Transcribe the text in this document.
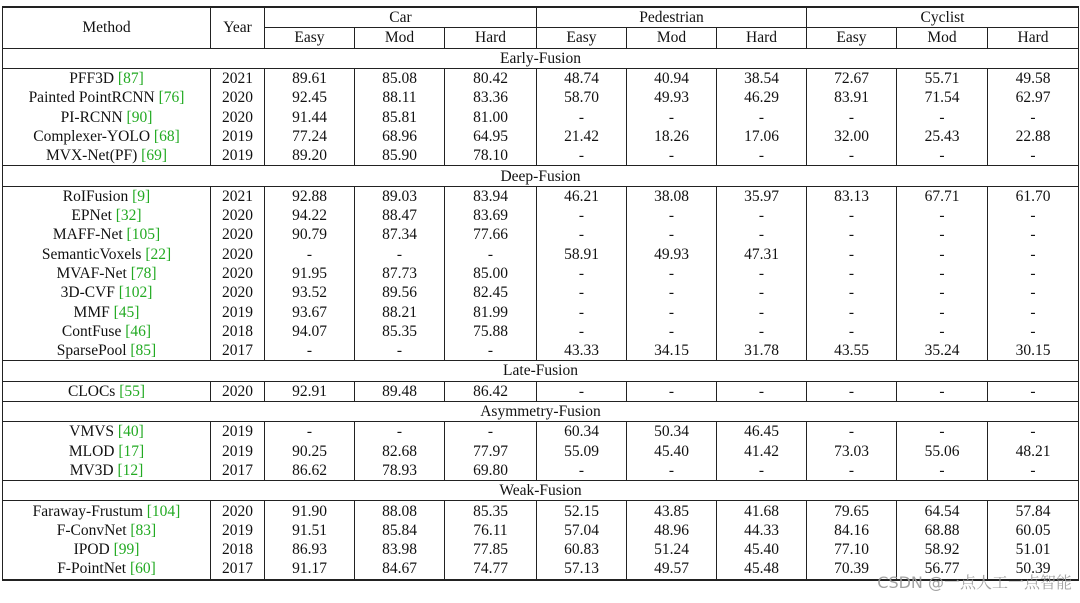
Method	Year	Car			Pedestrian			Cyclist		
		Easy	Mod	Hard	Easy	Mod	Hard	Easy	Mod	Hard
Early-Fusion										
PFF3D [87]	2021	89.61	85.08	80.42	48.74	40.94	38.54	72.67	55.71	49.58
Painted PointRCNN [76]	2020	92.45	88.11	83.36	58.70	49.93	46.29	83.91	71.54	62.97
PI-RCNN [90]	2020	91.44	85.81	81.00	-	-	-	-	-	-
Complexer-YOLO [68]	2019	77.24	68.96	64.95	21.42	18.26	17.06	32.00	25.43	22.88
MVX-Net(PF) [69]	2019	89.20	85.90	78.10	-	-	-	-	-	-
Deep-Fusion										
RoIFusion [9]	2021	92.88	89.03	83.94	46.21	38.08	35.97	83.13	67.71	61.70
EPNet [32]	2020	94.22	88.47	83.69	-	-	-	-	-	-
MAFF-Net [105]	2020	90.79	87.34	77.66	-	-	-	-	-	-
SemanticVoxels [22]	2020	-	-	-	58.91	49.93	47.31	-	-	-
MVAF-Net [78]	2020	91.95	87.73	85.00	-	-	-	-	-	-
3D-CVF [102]	2020	93.52	89.56	82.45	-	-	-	-	-	-
MMF [45]	2019	93.67	88.21	81.99	-	-	-	-	-	-
ContFuse [46]	2018	94.07	85.35	75.88	-	-	-	-	-	-
SparsePool [85]	2017	-	-	-	43.33	34.15	31.78	43.55	35.24	30.15
Late-Fusion										
CLOCs [55]	2020	92.91	89.48	86.42	-	-	-	-	-	-
Asymmetry-Fusion										
VMVS [40]	2019	-	-	-	60.34	50.34	46.45	-	-	-
MLOD [17]	2019	90.25	82.68	77.97	55.09	45.40	41.42	73.03	55.06	48.21
MV3D [12]	2017	86.62	78.93	69.80	-	-	-	-	-	-
Weak-Fusion										
Faraway-Frustum [104]	2020	91.90	88.08	85.35	52.15	43.85	41.68	79.65	64.54	57.84
F-ConvNet [83]	2019	91.51	85.84	76.11	57.04	48.96	44.33	84.16	68.88	60.05
IPOD [99]	2018	86.93	83.98	77.85	60.83	51.24	45.40	77.10	58.92	51.01
F-PointNet [60]	2017	91.17	84.67	74.77	57.13	49.57	45.48	70.39	56.77	50.39
CSDN @一点人工一点智能
